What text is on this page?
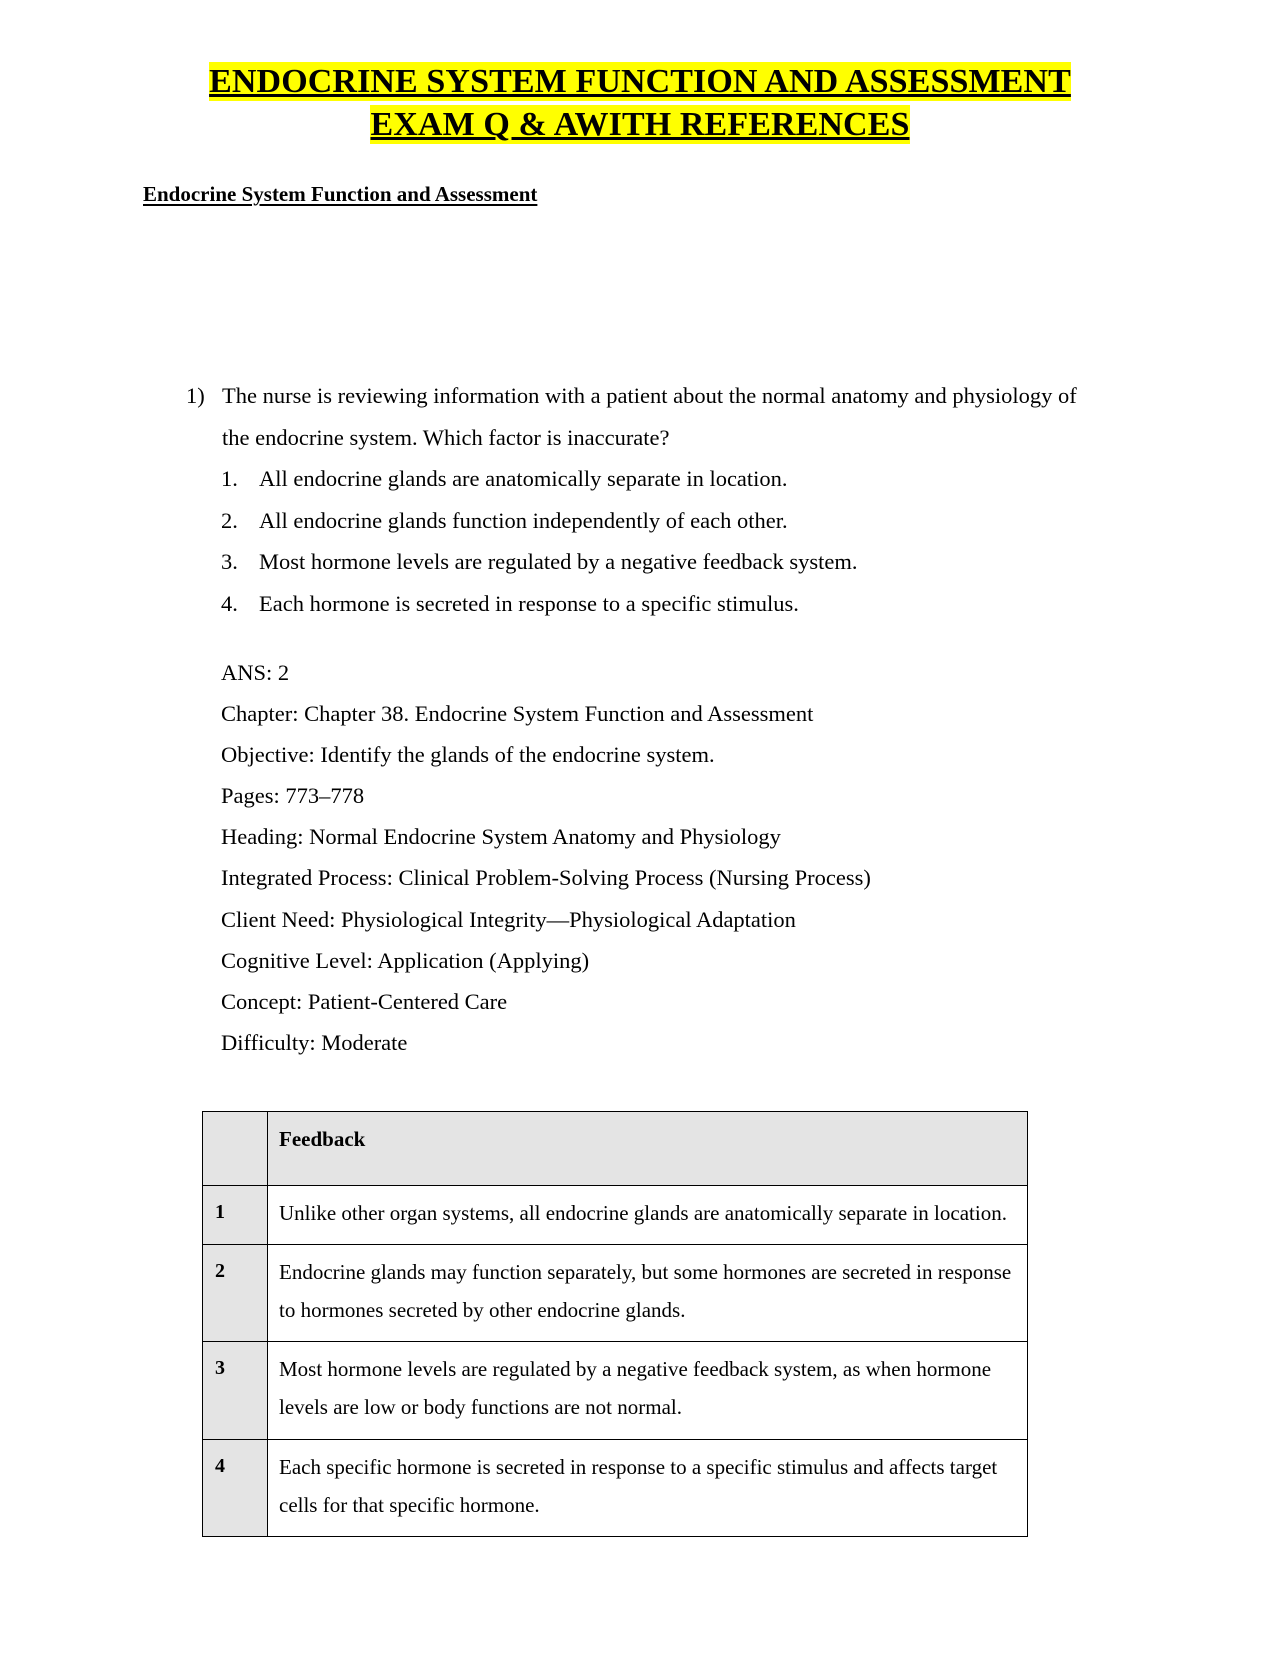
ENDOCRINE SYSTEM FUNCTION AND ASSESSMENT

EXAM Q & AWITH REFERENCES
Endocrine System Function and Assessment
1) The nurse is reviewing information with a patient about the normal anatomy and physiology of the endocrine system. Which factor is inaccurate?
1. All endocrine glands are anatomically separate in location.
2. All endocrine glands function independently of each other.
3. Most hormone levels are regulated by a negative feedback system.
4. Each hormone is secreted in response to a specific stimulus.
ANS: 2
Chapter: Chapter 38. Endocrine System Function and Assessment
Objective: Identify the glands of the endocrine system.
Pages: 773–778
Heading: Normal Endocrine System Anatomy and Physiology
Integrated Process: Clinical Problem-Solving Process (Nursing Process)
Client Need: Physiological Integrity—Physiological Adaptation
Cognitive Level: Application (Applying)
Concept: Patient-Centered Care
Difficulty: Moderate
	Feedback
1	Unlike other organ systems, all endocrine glands are anatomically separate in location.
2	Endocrine glands may function separately, but some hormones are secreted in response to hormones secreted by other endocrine glands.
3	Most hormone levels are regulated by a negative feedback system, as when hormone levels are low or body functions are not normal.
4	Each specific hormone is secreted in response to a specific stimulus and affects target cells for that specific hormone.
